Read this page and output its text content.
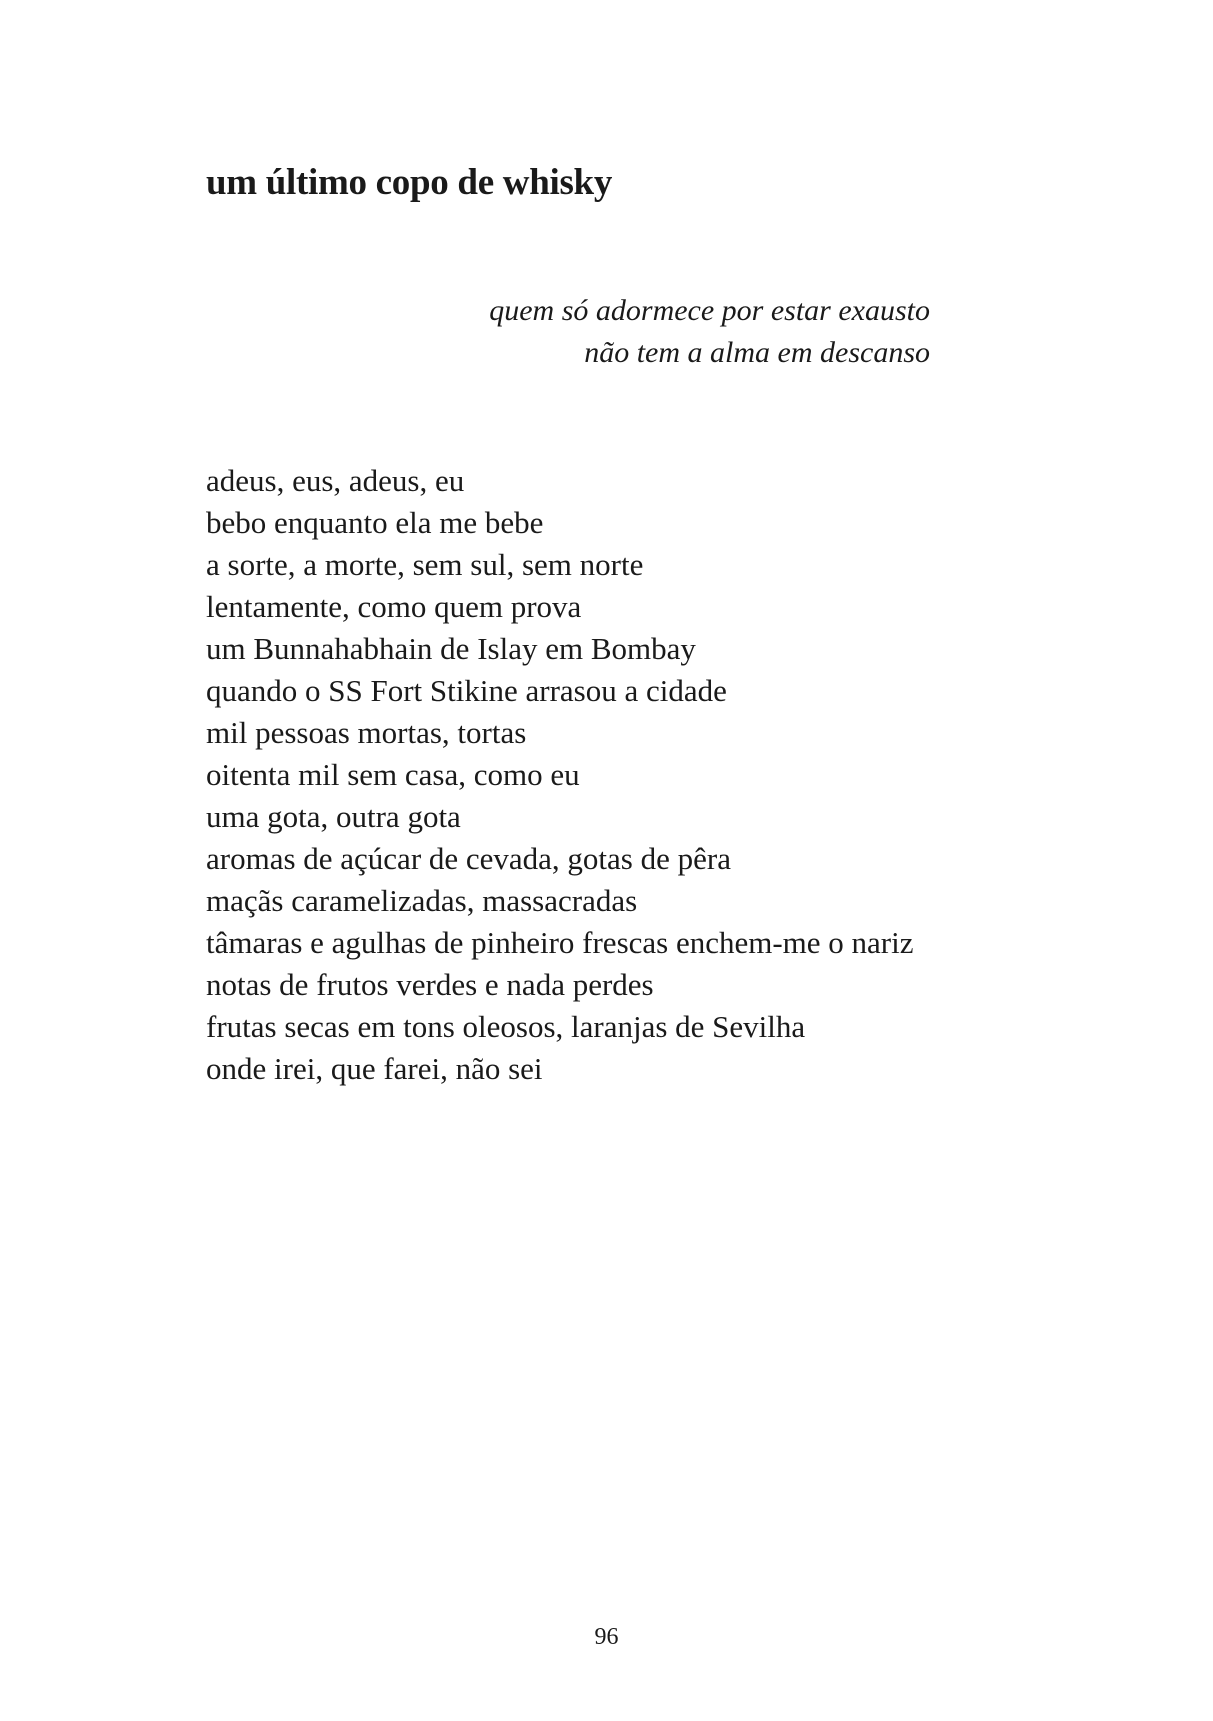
um último copo de whisky
quem só adormece por estar exausto
não tem a alma em descanso
adeus, eus, adeus, eu
bebo enquanto ela me bebe
a sorte, a morte, sem sul, sem norte
lentamente, como quem prova
um Bunnahabhain de Islay em Bombay
quando o SS Fort Stikine arrasou a cidade
mil pessoas mortas, tortas
oitenta mil sem casa, como eu
uma gota, outra gota
aromas de açúcar de cevada, gotas de pêra
maçãs caramelizadas, massacradas
tâmaras e agulhas de pinheiro frescas enchem-me o nariz
notas de frutos verdes e nada perdes
frutas secas em tons oleosos, laranjas de Sevilha
onde irei, que farei, não sei
96
